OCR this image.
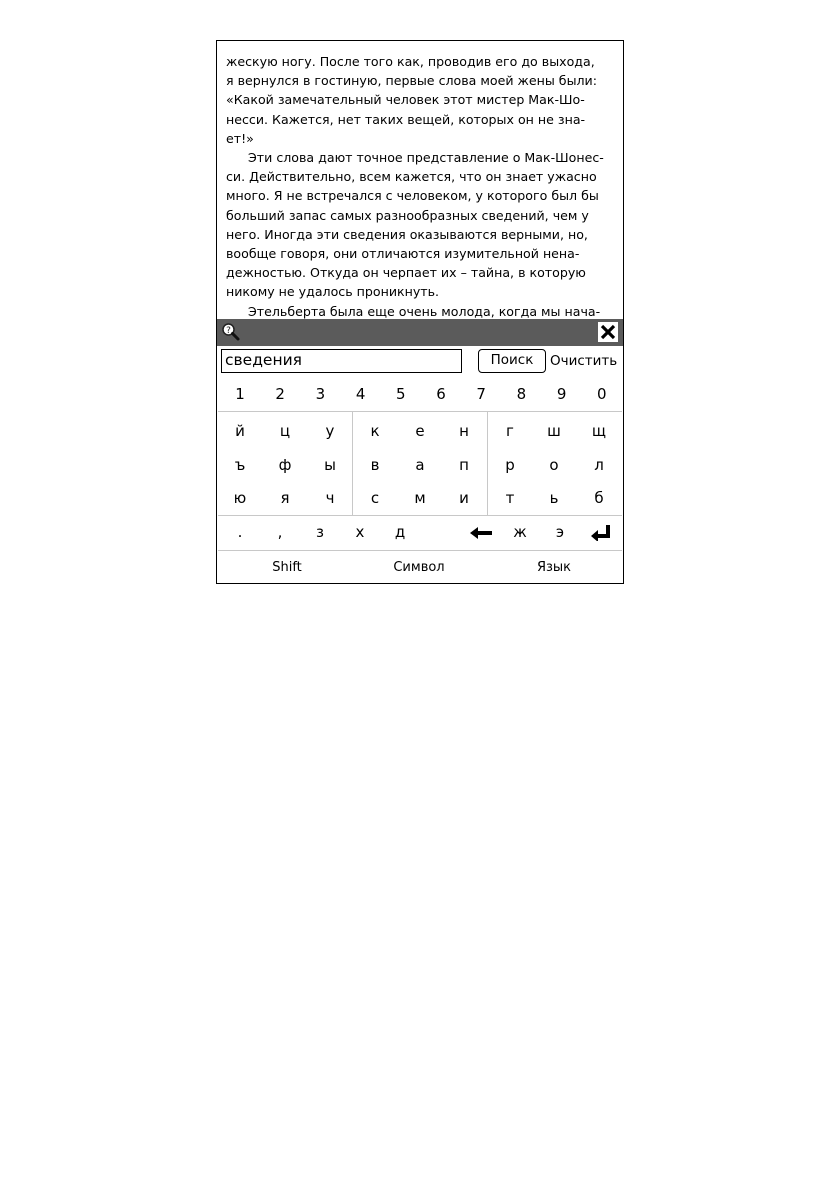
жескую ногу. После того как, проводив его до выхода,
я вернулся в гостиную, первые слова моей жены были:
«Какой замечательный человек этот мистер Мак-Шо-
несси. Кажется, нет таких вещей, которых он не зна-
ет!»

Эти слова дают точное представление о Мак-Шонес-
си. Действительно, всем кажется, что он знает ужасно
много. Я не встречался с человеком, у которого был бы
больший запас самых разнообразных сведений, чем у
него. Иногда эти сведения оказываются верными, но,
вообще говоря, они отличаются изумительной нена-
дежностью. Откуда он черпает их – тайна, в которую
никому не удалось проникнуть.

Этельберта была еще очень молода, когда мы нача-

?
сведения	Поиск	Очистить
1	2	3	4	5	6	7	8	9	0
й	ц	у	к	е	н	г	ш	щ
ъ	ф	ы	в	а	п	р	о	л
ю	я	ч	с	м	и	т	ь	б
.	,	з	х	д	ж	э
Shift	Символ	Язык
